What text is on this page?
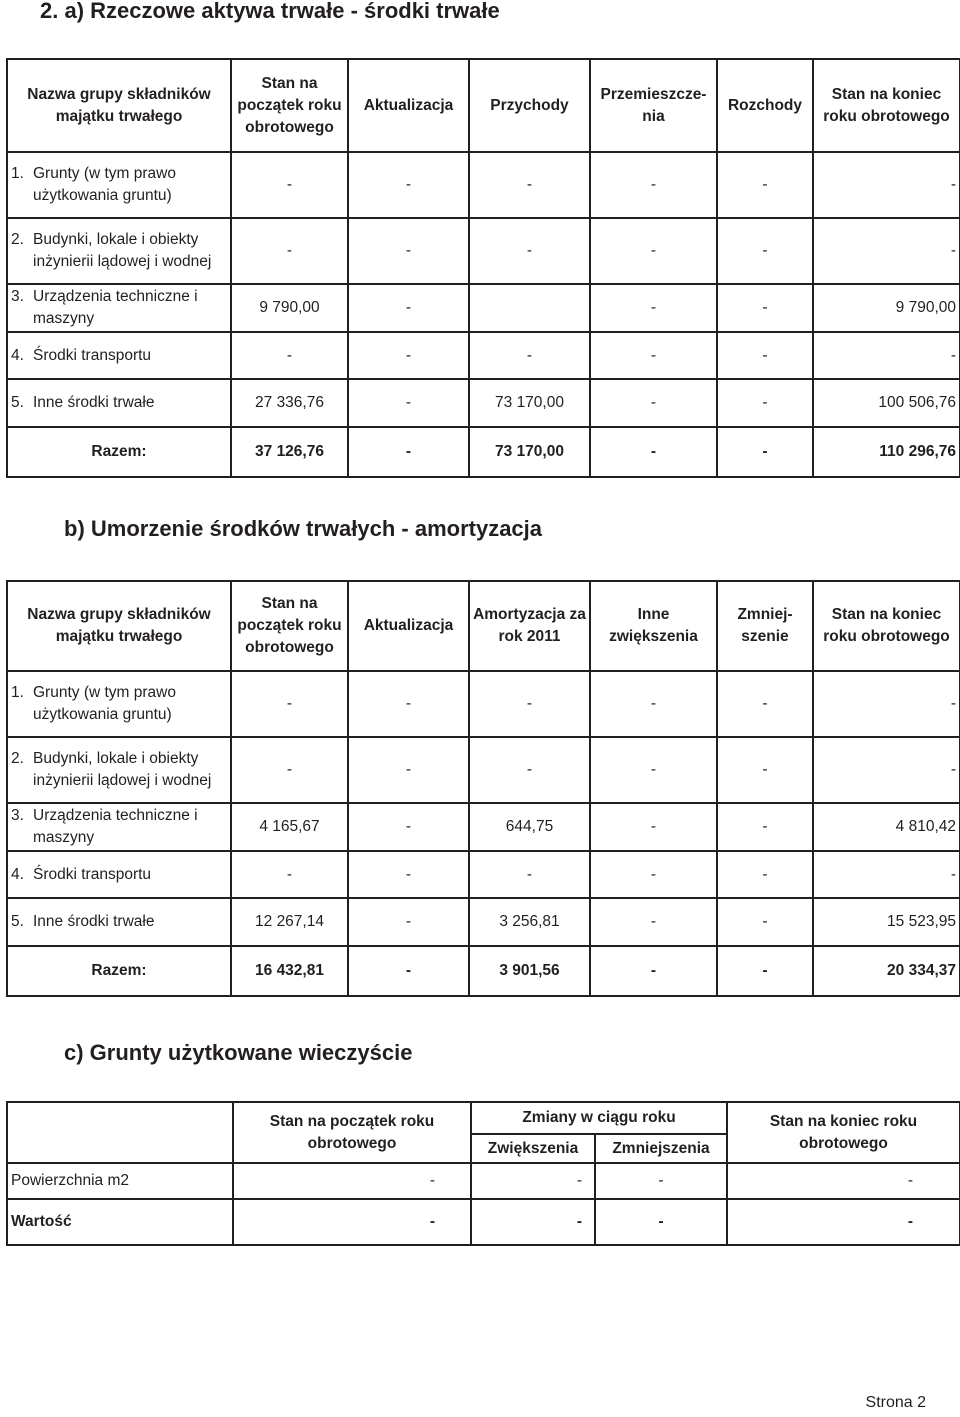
2. a) Rzeczowe aktywa trwałe - środki trwałe
Nazwa grupy składników majątku trwałego	Stan na początek roku obrotowego	Aktualizacja	Przychody	Przemieszcze-nia	Rozchody	Stan na koniec roku obrotowego

1. Grunty (w tym prawo użytkowania gruntu)	-	-	-	-	-	-

2. Budynki, lokale i obiekty inżynierii lądowej i wodnej	-	-	-	-	-	-

3. Urządzenia techniczne i maszyny	9 790,00	-		-	-	9 790,00

4. Środki transportu	-	-	-	-	-	-

5. Inne środki trwałe	27 336,76	-	73 170,00	-	-	100 506,76
Razem:	37 126,76	-	73 170,00	-	-	110 296,76
b) Umorzenie środków trwałych - amortyzacja
Nazwa grupy składników majątku trwałego	Stan na początek roku obrotowego	Aktualizacja	Amortyzacja za rok 2011	Inne zwiększenia	Zmniej-szenie	Stan na koniec roku obrotowego

1. Grunty (w tym prawo użytkowania gruntu)	-	-	-	-	-	-

2. Budynki, lokale i obiekty inżynierii lądowej i wodnej	-	-	-	-	-	-

3. Urządzenia techniczne i maszyny	4 165,67	-	644,75	-	-	4 810,42

4. Środki transportu	-	-	-	-	-	-

5. Inne środki trwałe	12 267,14	-	3 256,81	-	-	15 523,95
Razem:	16 432,81	-	3 901,56	-	-	20 334,37
c) Grunty użytkowane wieczyście
	Stan na początek roku obrotowego	Zmiany w ciągu roku		Stan na koniec roku obrotowego
		Zwiększenia	Zmniejszenia	
Powierzchnia m2	-	-	-	-
Wartość	-	-	-	-
Strona 2
